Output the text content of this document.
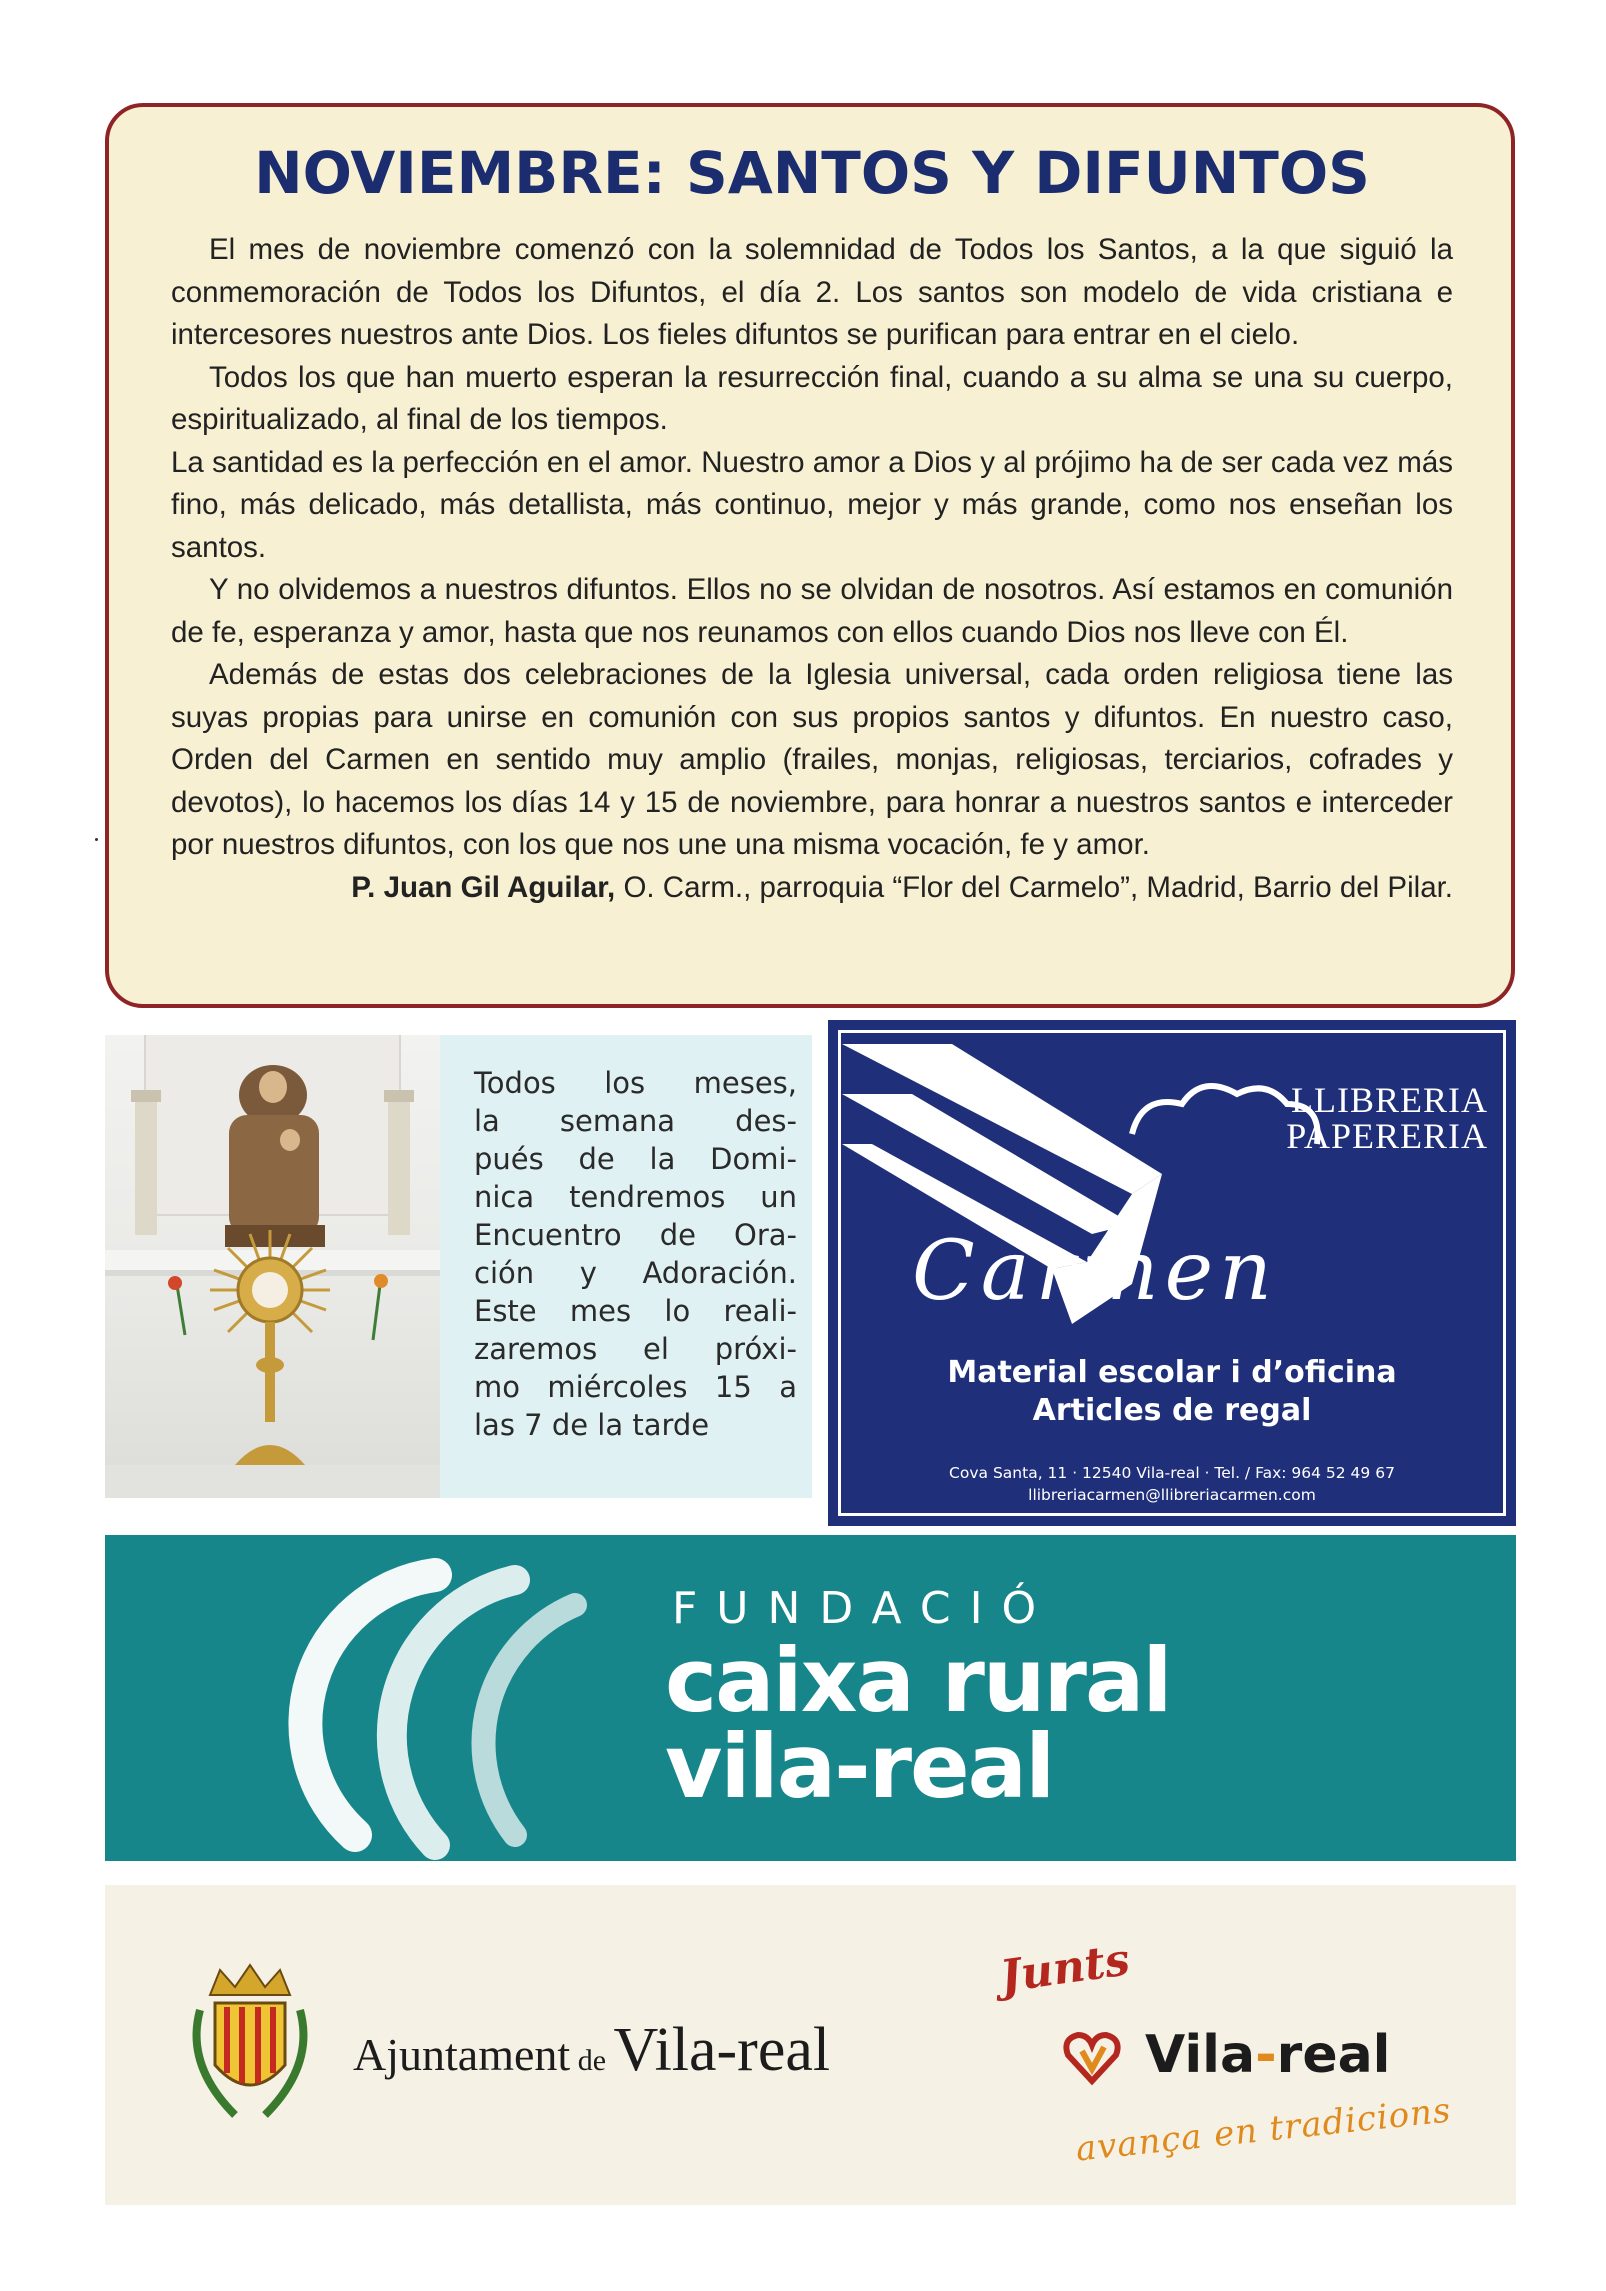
NOVIEMBRE: SANTOS Y DIFUNTOS

El mes de noviembre comenzó con la solemnidad de Todos los Santos, a la que siguió la conmemoración de Todos los Difuntos, el día 2. Los santos son modelo de vida cristiana e intercesores nuestros ante Dios. Los fieles difuntos se purifican para entrar en el cielo.

Todos los que han muerto esperan la resurrección final, cuando a su alma se una su cuerpo, espiritualizado, al final de los tiempos.

La santidad es la perfección en el amor. Nuestro amor a Dios y al prójimo ha de ser cada vez más fino, más delicado, más detallista, más continuo, mejor y más grande, como nos enseñan los santos.

Y no olvidemos a nuestros difuntos. Ellos no se olvidan de nosotros. Así estamos en comunión de fe, esperanza y amor, hasta que nos reunamos con ellos cuando Dios nos lleve con Él.

Además de estas dos celebraciones de la Iglesia universal, cada orden religiosa tiene las suyas propias para unirse en comunión con sus propios santos y difuntos. En nuestro caso, Orden del Carmen en sentido muy amplio (frailes, monjas, religiosas, terciarios, cofrades y devotos), lo hacemos los días 14 y 15 de noviembre, para honrar a nuestros santos e interceder por nuestros difuntos, con los que nos une una misma vocación, fe y amor.

P. Juan Gil Aguilar, O. Carm., parroquia “Flor del Carmelo”, Madrid, Barrio del Pilar.

Todos los meses,
la semana des-
pués de la Domi-
nica tendremos un
Encuentro de Ora-
ción y Adoración.
Este mes lo reali-
zaremos el próxi-
mo miércoles 15 a
las 7 de la tarde

LLIBRERIA
PAPERERIA
Carmen
Material escolar i d’oficina
Articles de regal
Cova Santa, 11 · 12540 Vila-real · Tel. / Fax: 964 52 49 67
llibreriacarmen@llibreriacarmen.com
FUNDACIÓ
caixa rural
vila-real
Ajuntament de Vila-real
Junts
Vila-real
avança en tradicions
